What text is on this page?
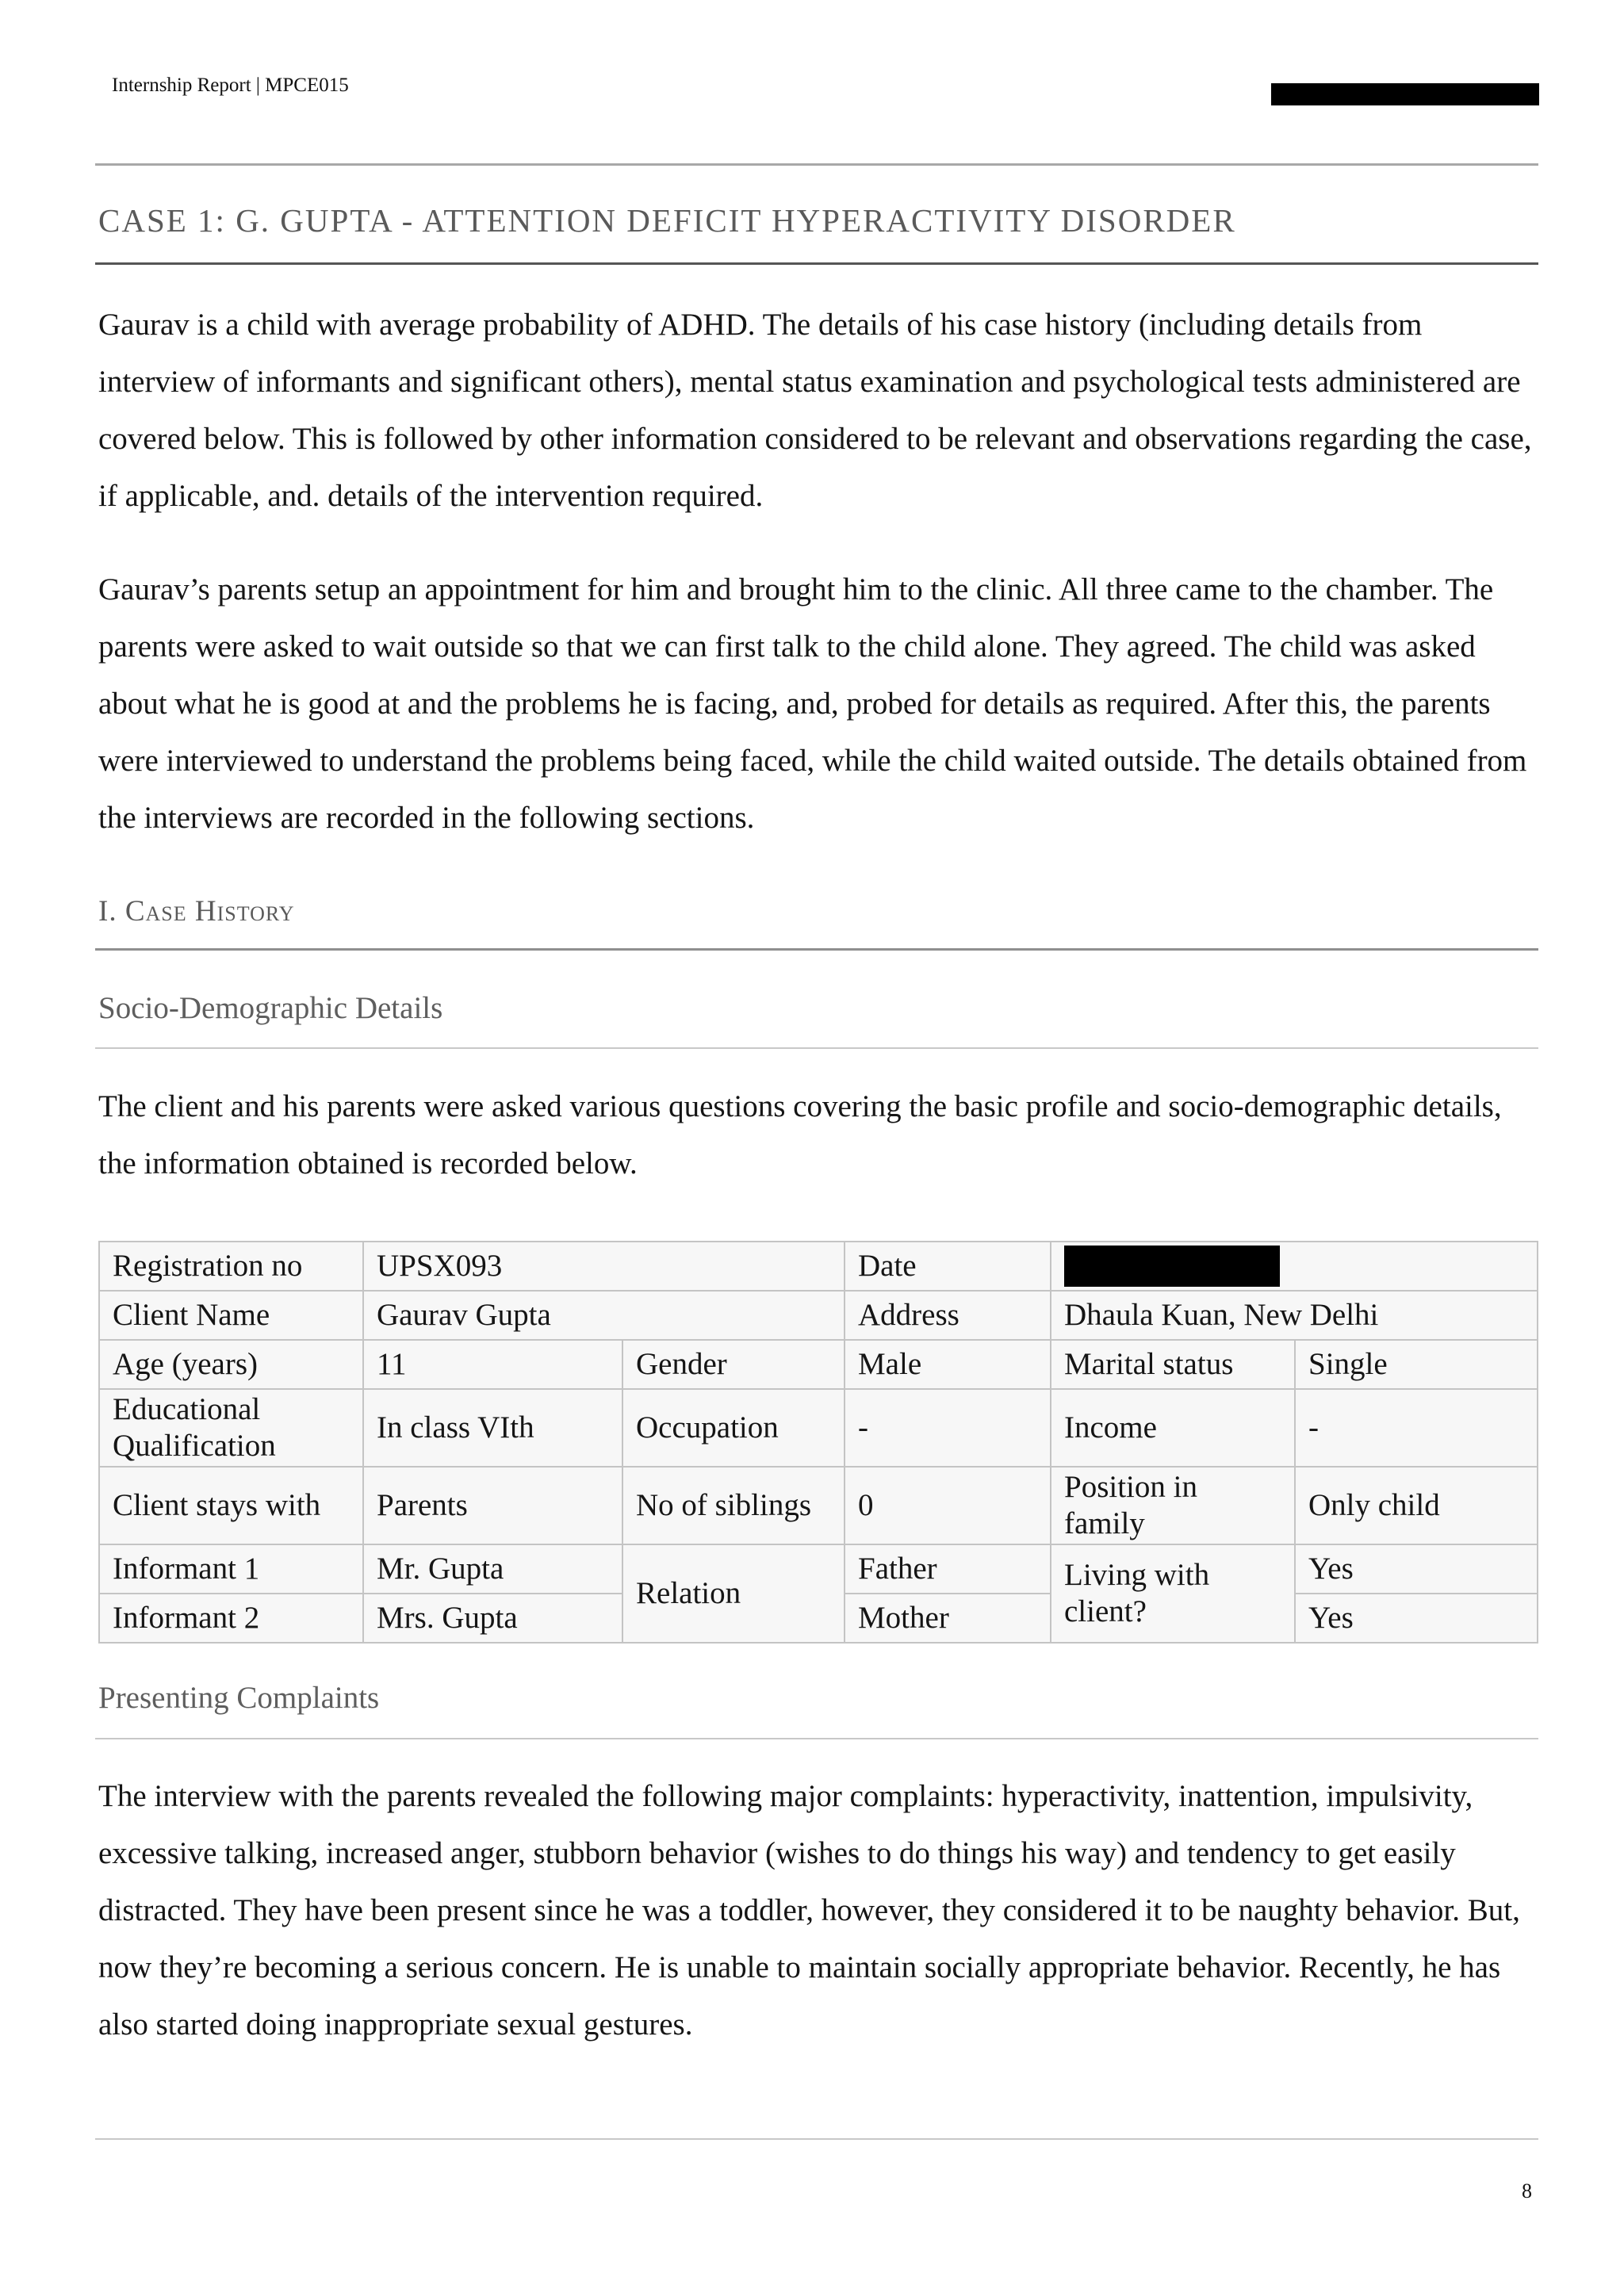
Internship Report | MPCE015
CASE 1: G. GUPTA - ATTENTION DEFICIT HYPERACTIVITY DISORDER

Gaurav is a child with average probability of ADHD. The details of his case history (including details from interview of informants and significant others), mental status examination and psychological tests administered are covered below. This is followed by other information considered to be relevant and observations regarding the case, if applicable, and. details of the intervention required.

Gaurav’s parents setup an appointment for him and brought him to the clinic. All three came to the chamber. The parents were asked to wait outside so that we can first talk to the child alone. They agreed. The child was asked about what he is good at and the problems he is facing, and, probed for details as required. After this, the parents were interviewed to understand the problems being faced, while the child waited outside. The details obtained from the interviews are recorded in the following sections.

I. Case History
Socio-Demographic Details

The client and his parents were asked various questions covering the basic profile and socio-demographic details, the information obtained is recorded below.

Registration no	UPSX093		Date		
Client Name	Gaurav Gupta		Address	Dhaula Kuan, New Delhi	
Age (years)	11	Gender	Male	Marital status	Single
Educational Qualification	In class VIth	Occupation	-	Income	-
Client stays with	Parents	No of siblings	0	Position in family	Only child
Informant 1	Mr. Gupta	Relation	Father	Living with client?	Yes
Informant 2	Mrs. Gupta		Mother		Yes
Presenting Complaints

The interview with the parents revealed the following major complaints: hyperactivity, inattention, impulsivity, excessive talking, increased anger, stubborn behavior (wishes to do things his way) and tendency to get easily distracted. They have been present since he was a toddler, however, they considered it to be naughty behavior. But, now they’re becoming a serious concern. He is unable to maintain socially appropriate behavior. Recently, he has also started doing inappropriate sexual gestures.

8
